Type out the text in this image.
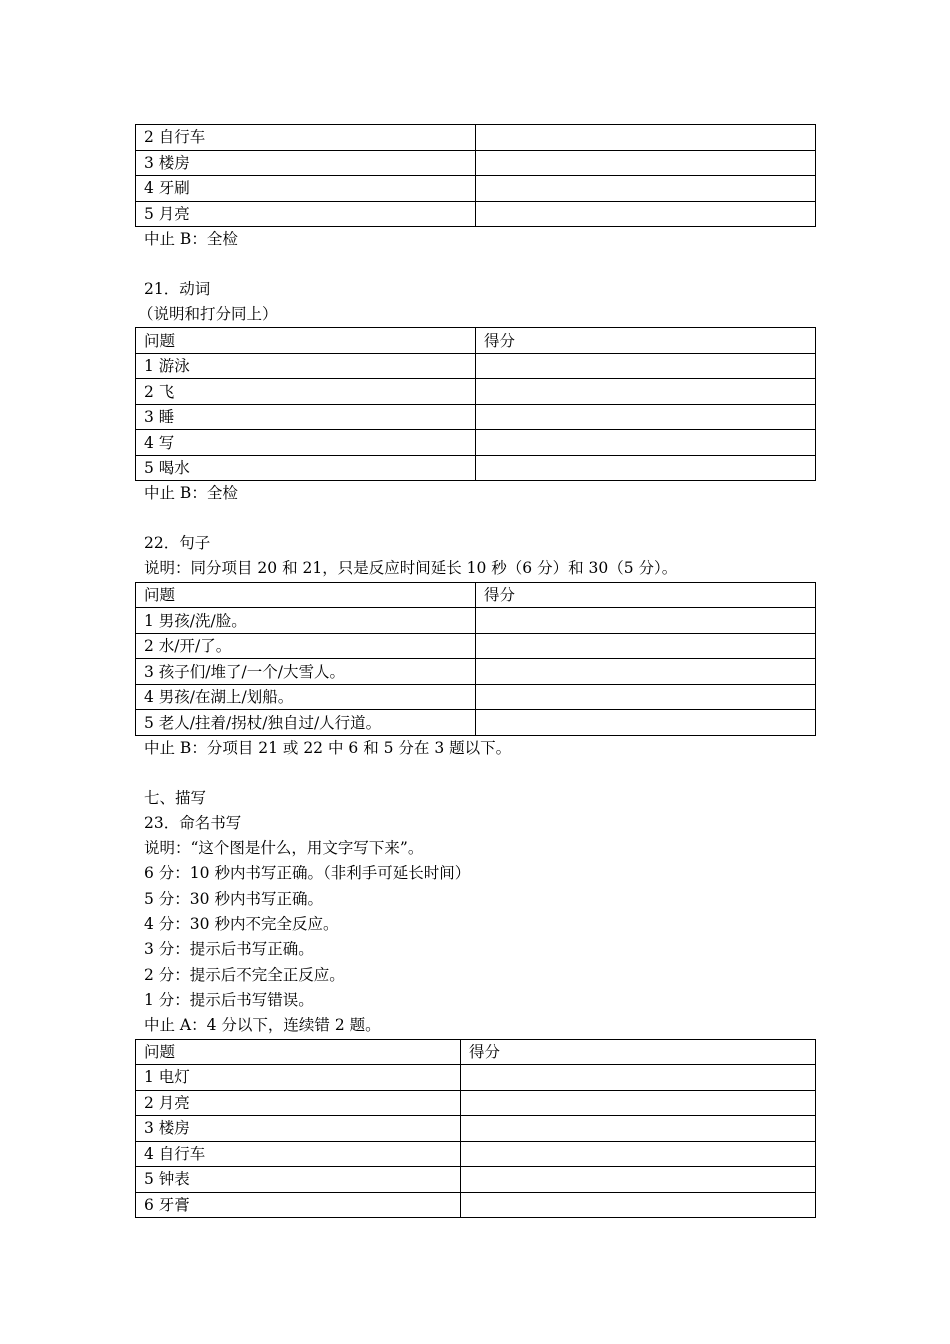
2 自行车	
3 楼房	
4 牙刷	
5 月亮	
中止 B：全检
21．动词
（说明和打分同上）
问题	得分
1 游泳	
2 飞	
3 睡	
4 写	
5 喝水	
中止 B：全检
22．句子
说明：同分项目 20 和 21，只是反应时间延长 10 秒（6 分）和 30（5 分）。
问题	得分
1 男孩/洗/脸。	
2 水/开/了。	
3 孩子们/堆了/一个/大雪人。	
4 男孩/在湖上/划船。	
5 老人/拄着/拐杖/独自过/人行道。	
中止 B：分项目 21 或 22 中 6 和 5 分在 3 题以下。
七、描写
23．命名书写
说明：“这个图是什么，用文字写下来”。
6 分：10 秒内书写正确。（非利手可延长时间）
5 分：30 秒内书写正确。
4 分：30 秒内不完全反应。
3 分：提示后书写正确。
2 分：提示后不完全正反应。
1 分：提示后书写错误。
中止 A：4 分以下，连续错 2 题。
问题	得分
1 电灯	
2 月亮	
3 楼房	
4 自行车	
5 钟表	
6 牙膏	
